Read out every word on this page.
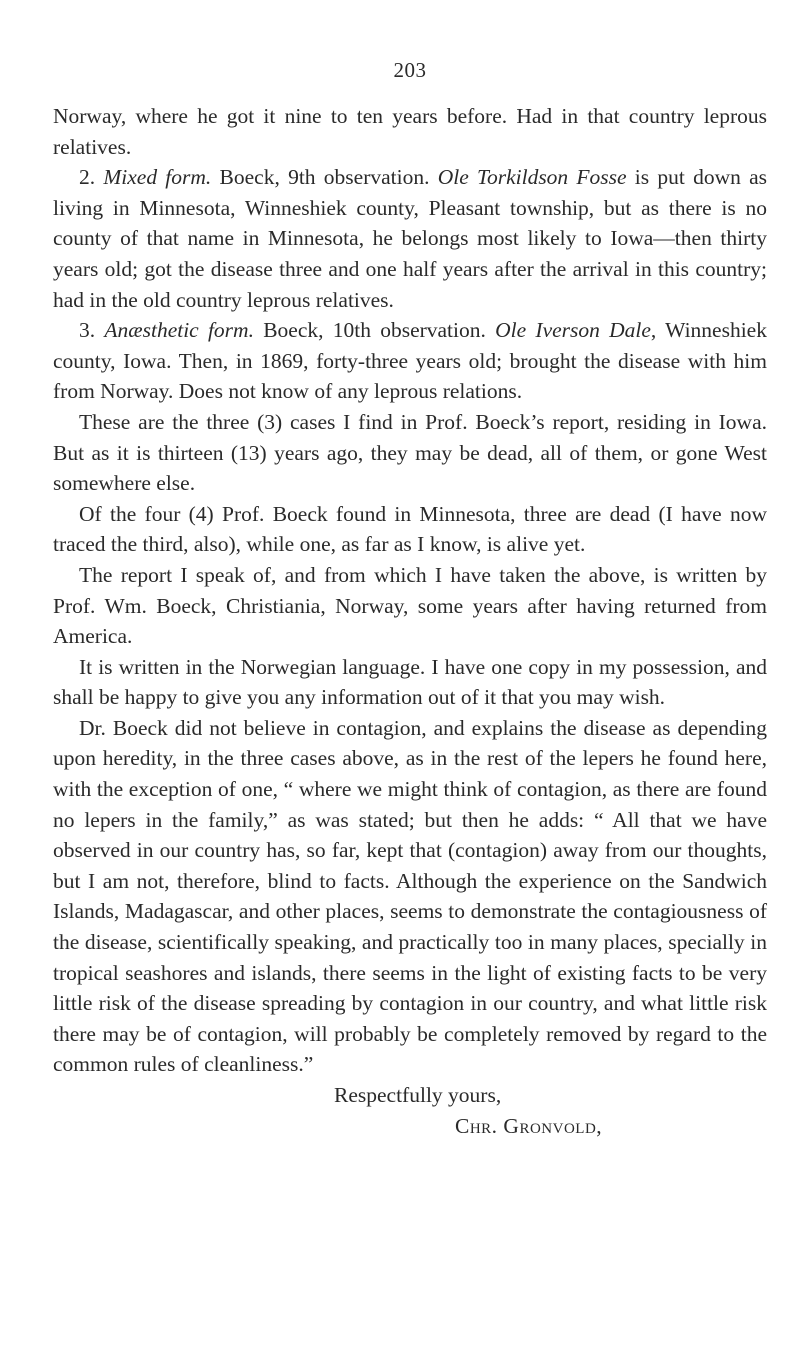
203

Norway, where he got it nine to ten years before. Had in that country leprous relatives.

2. Mixed form. Boeck, 9th observation. Ole Torkildson Fosse is put down as living in Minnesota, Winneshiek county, Pleasant township, but as there is no county of that name in Minnesota, he belongs most likely to Iowa—then thirty years old; got the disease three and one half years after the arrival in this country; had in the old country leprous relatives.

3. Anæsthetic form. Boeck, 10th observation. Ole Iverson Dale, Winneshiek county, Iowa. Then, in 1869, forty-three years old; brought the disease with him from Norway. Does not know of any leprous relations.

These are the three (3) cases I find in Prof. Boeck’s report, residing in Iowa. But as it is thirteen (13) years ago, they may be dead, all of them, or gone West somewhere else.

Of the four (4) Prof. Boeck found in Minnesota, three are dead (I have now traced the third, also), while one, as far as I know, is alive yet.

The report I speak of, and from which I have taken the above, is written by Prof. Wm. Boeck, Christiania, Norway, some years after having returned from America.

It is written in the Norwegian language. I have one copy in my possession, and shall be happy to give you any information out of it that you may wish.

Dr. Boeck did not believe in contagion, and explains the disease as depending upon heredity, in the three cases above, as in the rest of the lepers he found here, with the exception of one, “ where we might think of contagion, as there are found no lepers in the family,” as was stated; but then he adds: “ All that we have observed in our country has, so far, kept that (contagion) away from our thoughts, but I am not, therefore, blind to facts. Although the experience on the Sandwich Islands, Madagascar, and other places, seems to demonstrate the contagiousness of the disease, scientifically speaking, and practically too in many places, specially in tropical seashores and islands, there seems in the light of existing facts to be very little risk of the disease spreading by contagion in our country, and what little risk there may be of contagion, will probably be completely removed by regard to the common rules of cleanliness.”

Respectfully yours,
Chr. Gronvold,
